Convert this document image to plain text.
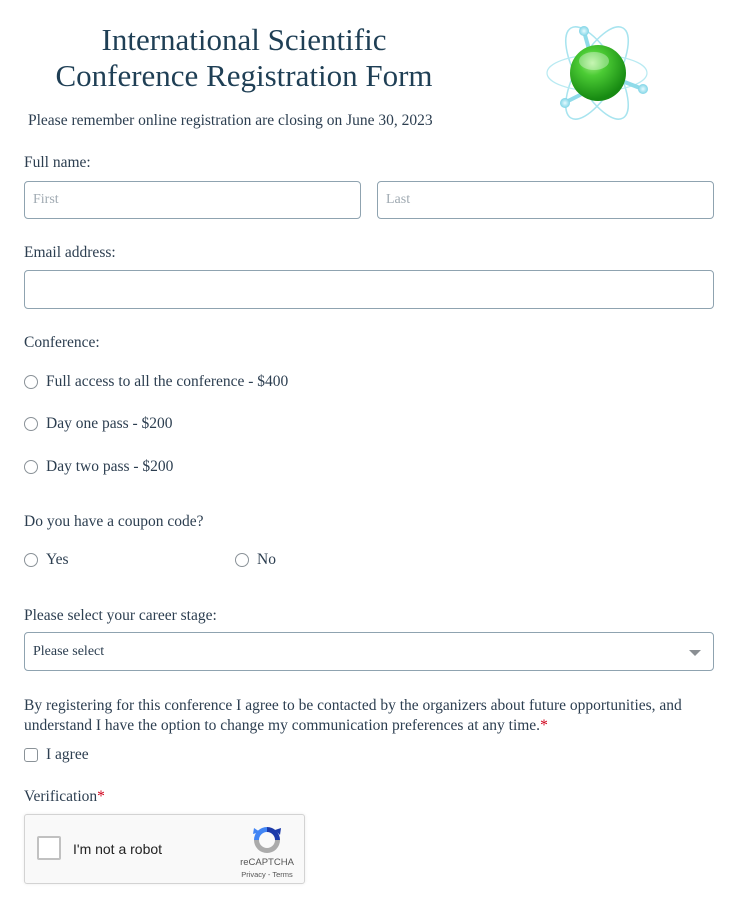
International Scientific
Conference Registration Form
Please remember online registration are closing on June 30, 2023
Full name:
First
Last
Email address:
Conference:
Full access to all the conference - $400
Day one pass - $200
Day two pass - $200
Do you have a coupon code?
Yes	No
Please select your career stage:
Please select
By registering for this conference I agree to be contacted by the organizers about future opportunities, and understand I have the option to change my communication preferences at any time.*
I agree
Verification*
I'm not a robot
reCAPTCHA
Privacy - Terms
